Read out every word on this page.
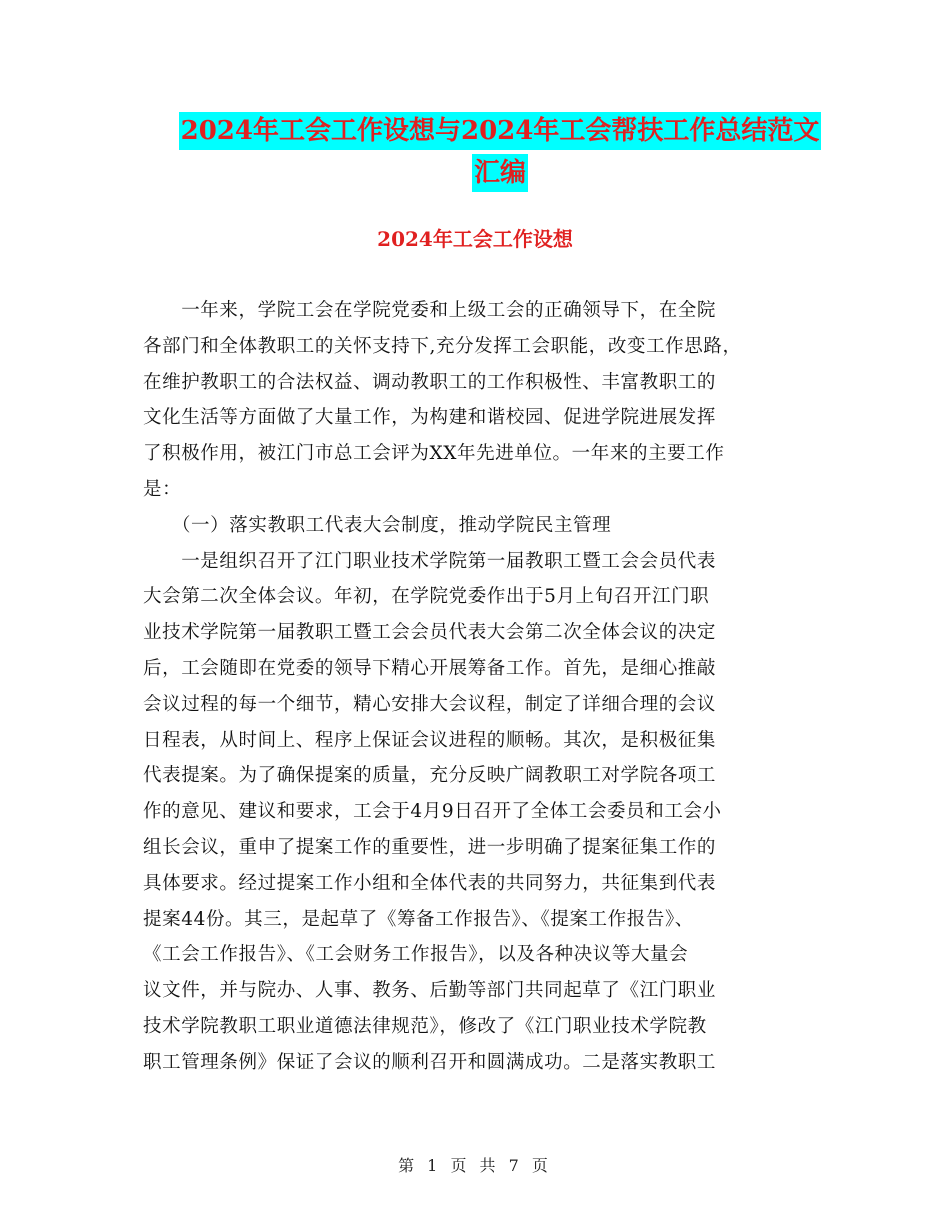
2024年工会工作设想与2024年工会帮扶工作总结范文
汇编
2024年工会工作设想
　　一年来，学院工会在学院党委和上级工会的正确领导下，在全院
各部门和全体教职工的关怀支持下,充分发挥工会职能，改变工作思路，
在维护教职工的合法权益、调动教职工的工作积极性、丰富教职工的
文化生活等方面做了大量工作，为构建和谐校园、促进学院进展发挥
了积极作用，被江门市总工会评为XX年先进单位。一年来的主要工作
是：
　　（一）落实教职工代表大会制度，推动学院民主管理
　　一是组织召开了江门职业技术学院第一届教职工暨工会会员代表
大会第二次全体会议。年初，在学院党委作出于5月上旬召开江门职
业技术学院第一届教职工暨工会会员代表大会第二次全体会议的决定
后，工会随即在党委的领导下精心开展筹备工作。首先，是细心推敲
会议过程的每一个细节，精心安排大会议程，制定了详细合理的会议
日程表，从时间上、程序上保证会议进程的顺畅。其次，是积极征集
代表提案。为了确保提案的质量，充分反映广阔教职工对学院各项工
作的意见、建议和要求，工会于4月9日召开了全体工会委员和工会小
组长会议，重申了提案工作的重要性，进一步明确了提案征集工作的
具体要求。经过提案工作小组和全体代表的共同努力，共征集到代表
提案44份。其三，是起草了《筹备工作报告》、《提案工作报告》、
《工会工作报告》、《工会财务工作报告》，以及各种决议等大量会
议文件，并与院办、人事、教务、后勤等部门共同起草了《江门职业
技术学院教职工职业道德法律规范》，修改了《江门职业技术学院教
职工管理条例》保证了会议的顺利召开和圆满成功。二是落实教职工
第 1 页 共 7 页
